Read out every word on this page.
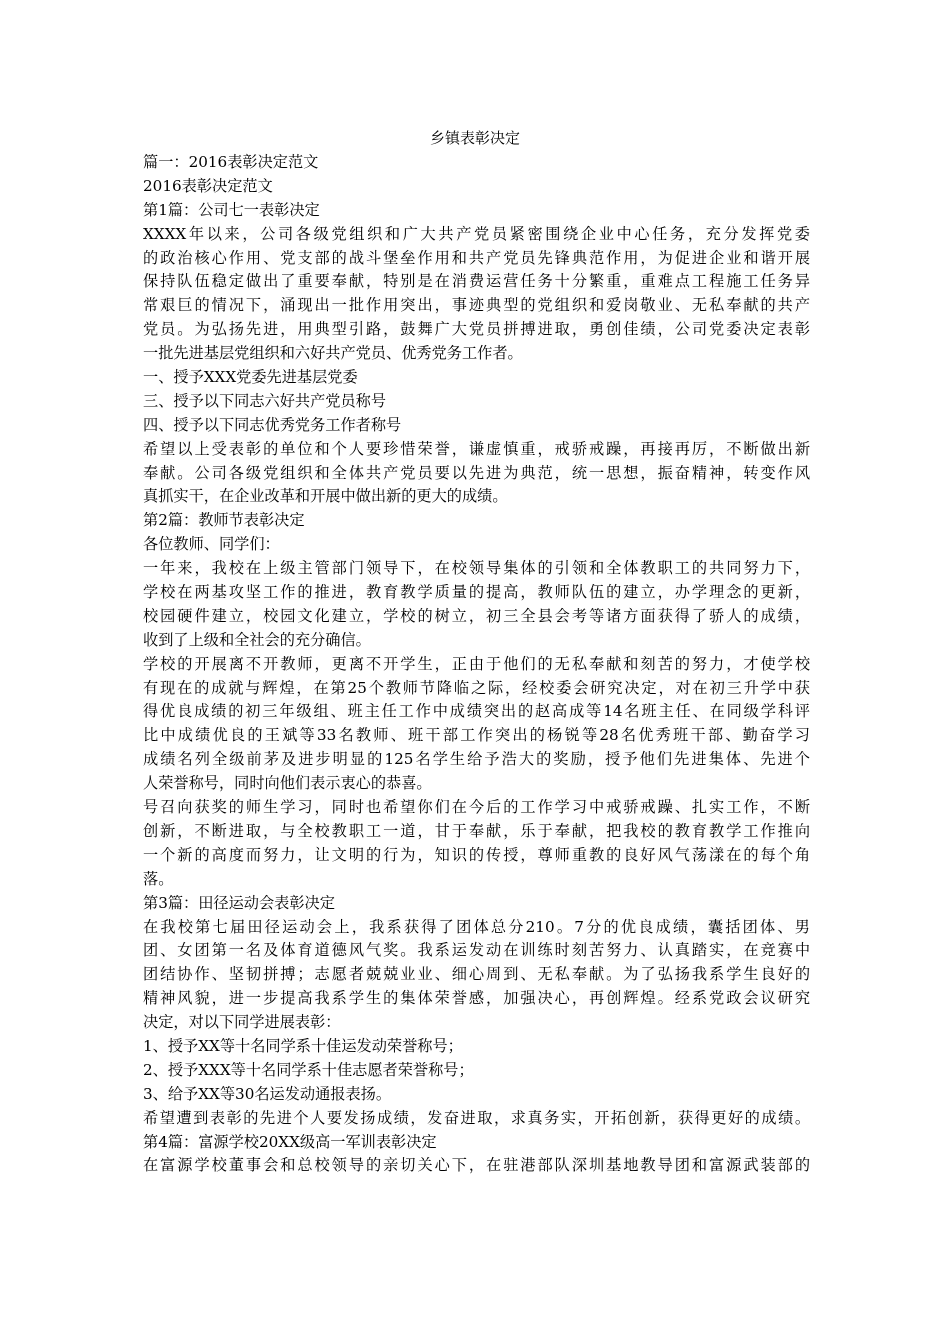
乡镇表彰决定
篇一：2016表彰决定范文
2016表彰决定范文
第1篇：公司七一表彰决定
XXXX年以来，公司各级党组织和广大共产党员紧密围绕企业中心任务，充分发挥党委
的政治核心作用、党支部的战斗堡垒作用和共产党员先锋典范作用，为促进企业和谐开展
保持队伍稳定做出了重要奉献，特别是在消费运营任务十分繁重，重难点工程施工任务异
常艰巨的情况下，涌现出一批作用突出，事迹典型的党组织和爱岗敬业、无私奉献的共产
党员。为弘扬先进，用典型引路，鼓舞广大党员拼搏进取，勇创佳绩，公司党委决定表彰
一批先进基层党组织和六好共产党员、优秀党务工作者。
一、授予XXX党委先进基层党委
三、授予以下同志六好共产党员称号
四、授予以下同志优秀党务工作者称号
希望以上受表彰的单位和个人要珍惜荣誉，谦虚慎重，戒骄戒躁，再接再厉，不断做出新
奉献。公司各级党组织和全体共产党员要以先进为典范，统一思想，振奋精神，转变作风
真抓实干，在企业改革和开展中做出新的更大的成绩。
第2篇：教师节表彰决定
各位教师、同学们：
一年来，我校在上级主管部门领导下，在校领导集体的引领和全体教职工的共同努力下，
学校在两基攻坚工作的推进，教育教学质量的提高，教师队伍的建立，办学理念的更新，
校园硬件建立，校园文化建立，学校的树立，初三全县会考等诸方面获得了骄人的成绩，
收到了上级和全社会的充分确信。
学校的开展离不开教师，更离不开学生，正由于他们的无私奉献和刻苦的努力，才使学校
有现在的成就与辉煌，在第25个教师节降临之际，经校委会研究决定，对在初三升学中获
得优良成绩的初三年级组、班主任工作中成绩突出的赵高成等14名班主任、在同级学科评
比中成绩优良的王斌等33名教师、班干部工作突出的杨锐等28名优秀班干部、勤奋学习
成绩名列全级前茅及进步明显的125名学生给予浩大的奖励，授予他们先进集体、先进个
人荣誉称号，同时向他们表示衷心的恭喜。
号召向获奖的师生学习，同时也希望你们在今后的工作学习中戒骄戒躁、扎实工作，不断
创新，不断进取，与全校教职工一道，甘于奉献，乐于奉献，把我校的教育教学工作推向
一个新的高度而努力，让文明的行为，知识的传授，尊师重教的良好风气荡漾在的每个角
落。
第3篇：田径运动会表彰决定
在我校第七届田径运动会上，我系获得了团体总分210。7分的优良成绩，囊括团体、男
团、女团第一名及体育道德风气奖。我系运发动在训练时刻苦努力、认真踏实，在竞赛中
团结协作、坚韧拼搏；志愿者兢兢业业、细心周到、无私奉献。为了弘扬我系学生良好的
精神风貌，进一步提高我系学生的集体荣誉感，加强决心，再创辉煌。经系党政会议研究
决定，对以下同学进展表彰：
1、授予XX等十名同学系十佳运发动荣誉称号；
2、授予XXX等十名同学系十佳志愿者荣誉称号；
3、给予XX等30名运发动通报表扬。
希望遭到表彰的先进个人要发扬成绩，发奋进取，求真务实，开拓创新，获得更好的成绩。
第4篇：富源学校20XX级高一军训表彰决定
在富源学校董事会和总校领导的亲切关心下，在驻港部队深圳基地教导团和富源武装部的
